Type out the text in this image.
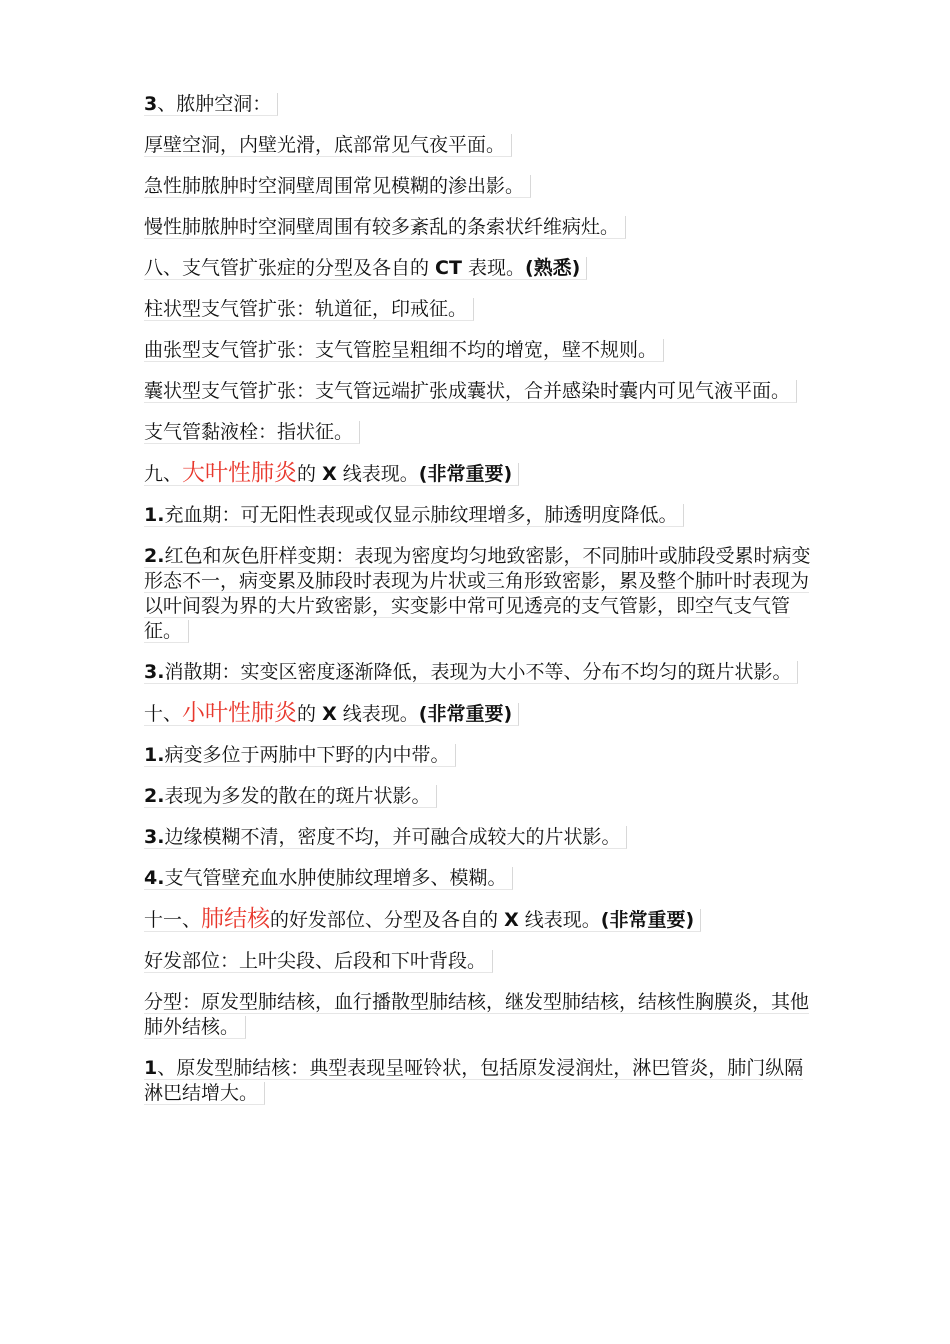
3、脓肿空洞：

厚壁空洞，内壁光滑，底部常见气夜平面。

急性肺脓肿时空洞壁周围常见模糊的渗出影。

慢性肺脓肿时空洞壁周围有较多紊乱的条索状纤维病灶。

八、支气管扩张症的分型及各自的 CT 表现。(熟悉)

柱状型支气管扩张：轨道征，印戒征。

曲张型支气管扩张：支气管腔呈粗细不均的增宽，壁不规则。

囊状型支气管扩张：支气管远端扩张成囊状，合并感染时囊内可见气液平面。

支气管黏液栓：指状征。

九、大叶性肺炎的 X 线表现。(非常重要)

1.充血期：可无阳性表现或仅显示肺纹理增多，肺透明度降低。

2.红色和灰色肝样变期：表现为密度均匀地致密影，不同肺叶或肺段受累时病变形态不一，病变累及肺段时表现为片状或三角形致密影，累及整个肺叶时表现为以叶间裂为界的大片致密影，实变影中常可见透亮的支气管影，即空气支气管征。

3.消散期：实变区密度逐渐降低，表现为大小不等、分布不均匀的斑片状影。

十、小叶性肺炎的 X 线表现。(非常重要)

1.病变多位于两肺中下野的内中带。

2.表现为多发的散在的斑片状影。

3.边缘模糊不清，密度不均，并可融合成较大的片状影。

4.支气管壁充血水肿使肺纹理增多、模糊。

十一、肺结核的好发部位、分型及各自的 X 线表现。(非常重要)

好发部位：上叶尖段、后段和下叶背段。

分型：原发型肺结核，血行播散型肺结核，继发型肺结核，结核性胸膜炎，其他肺外结核。

1、原发型肺结核：典型表现呈哑铃状，包括原发浸润灶，淋巴管炎，肺门纵隔淋巴结增大。
